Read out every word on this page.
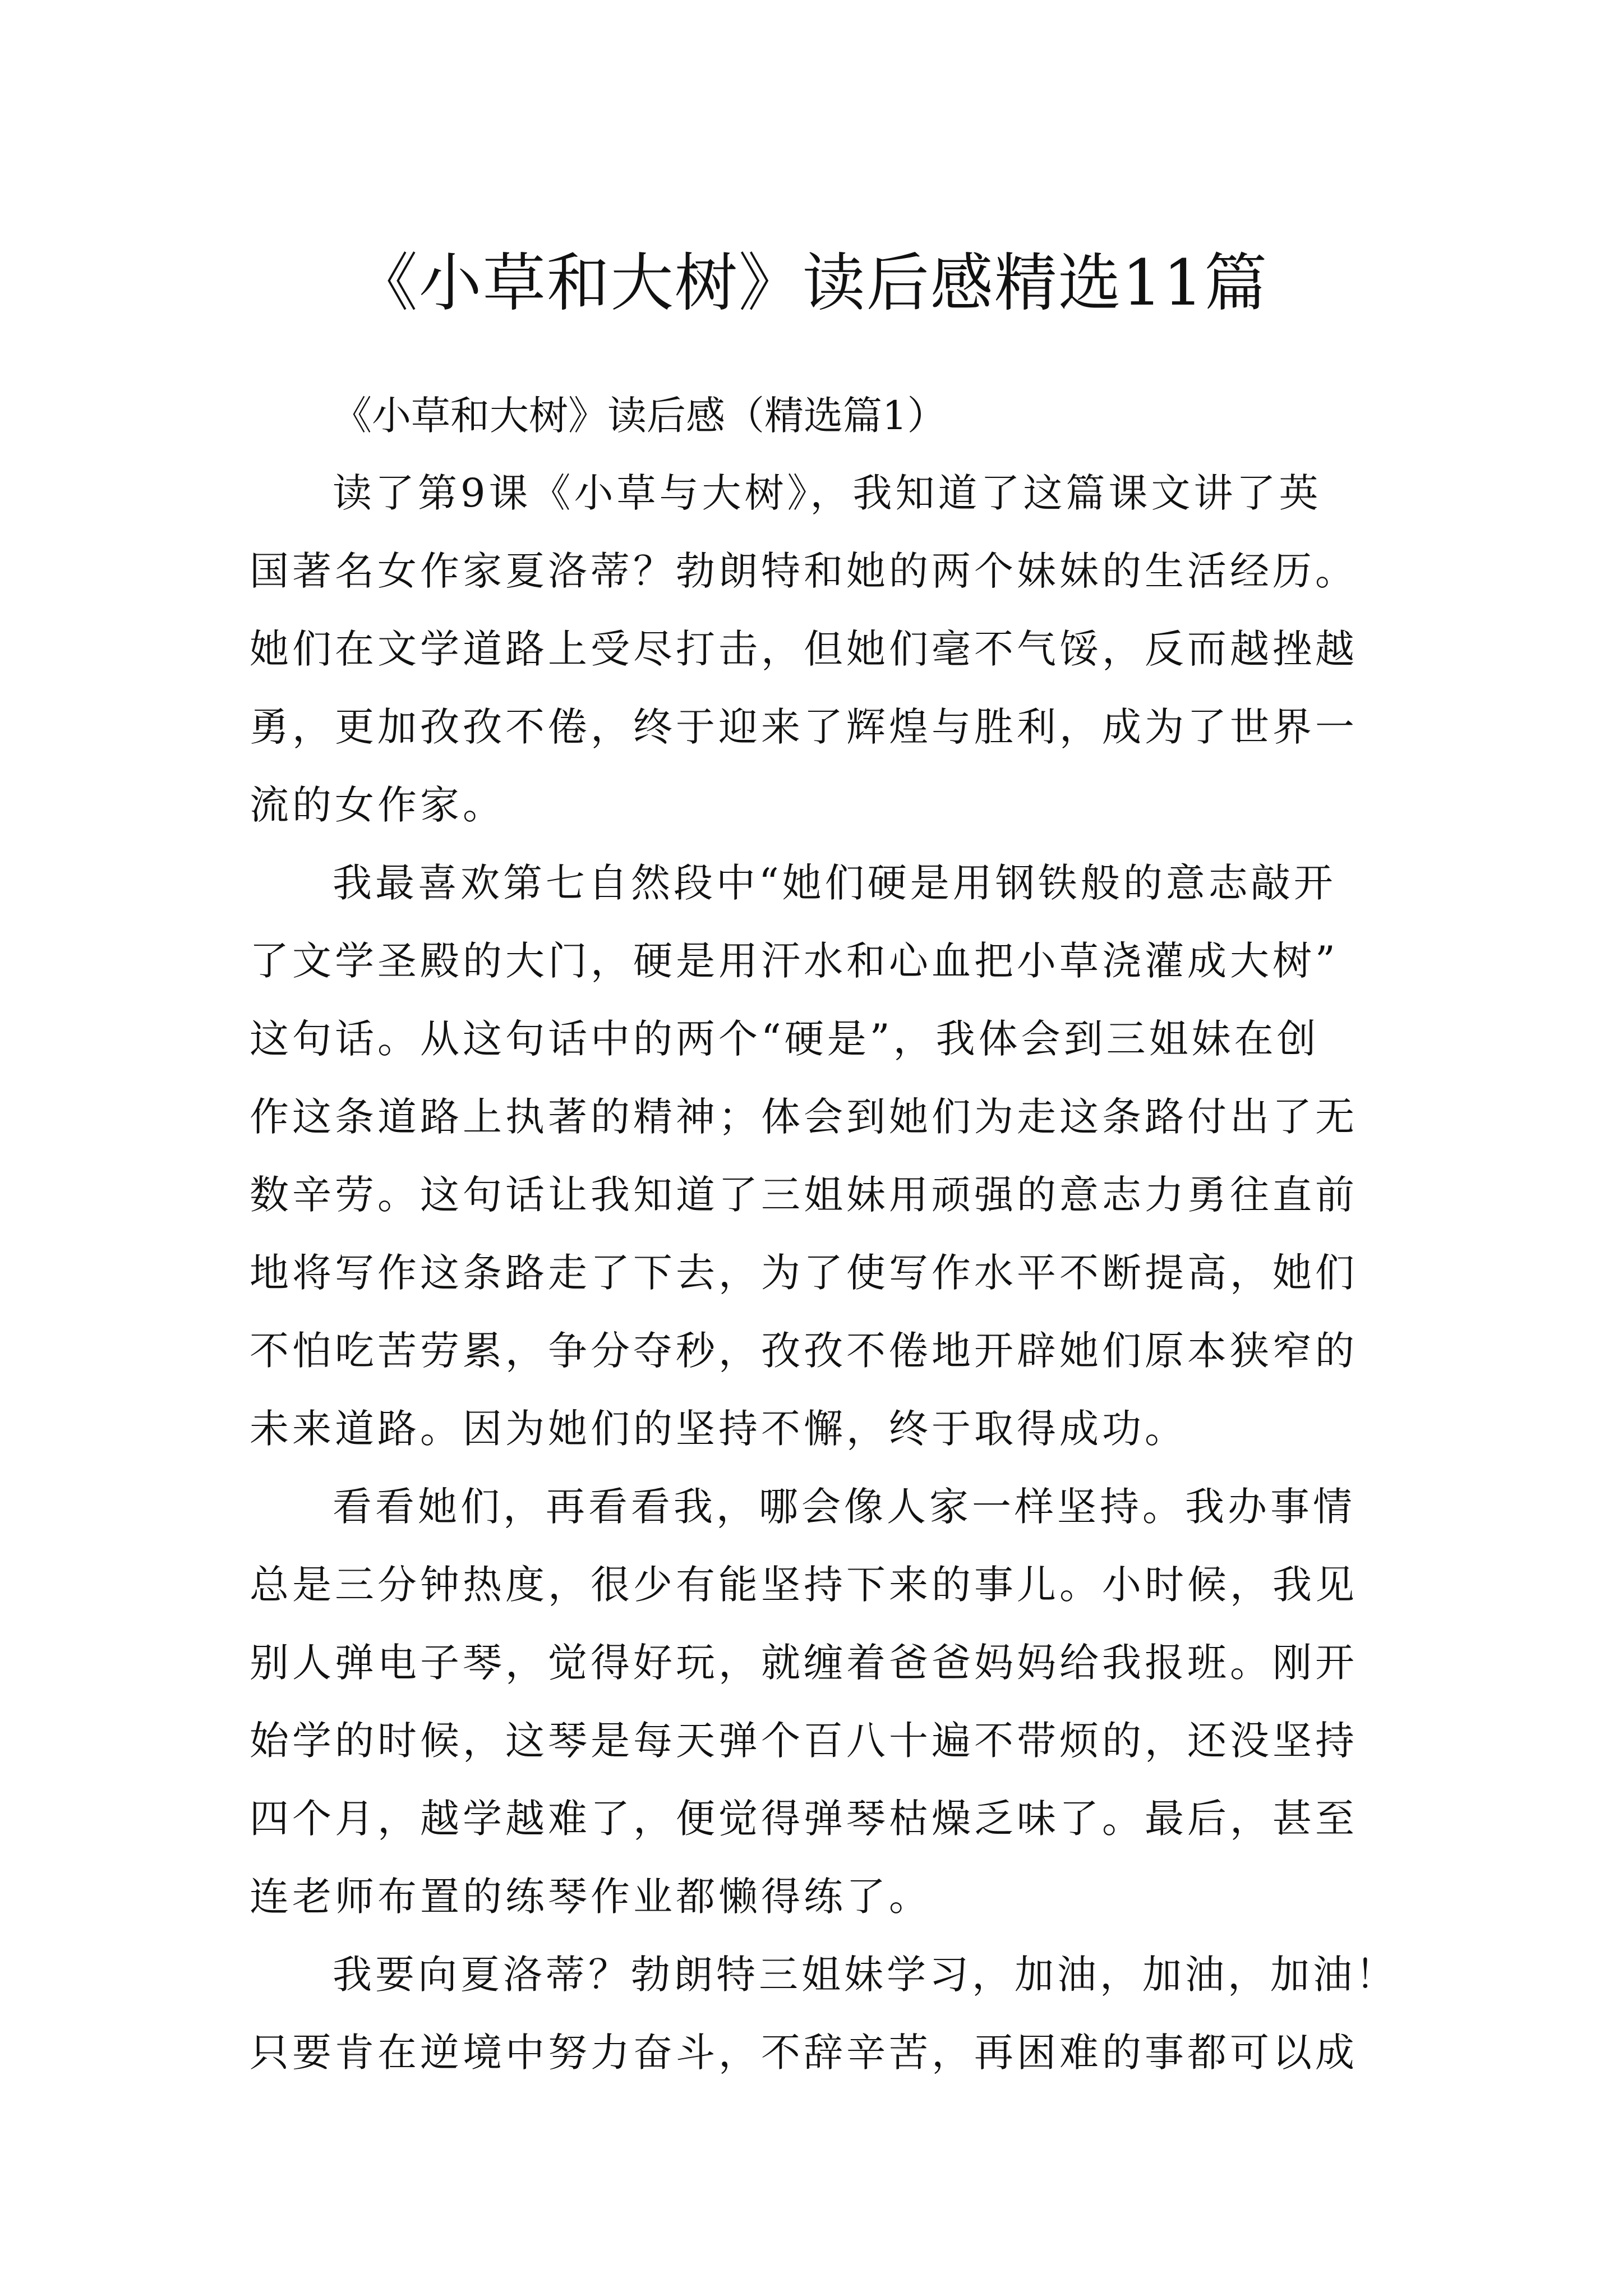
《小草和大树》读后感精选11篇

《小草和大树》读后感（精选篇1）

读了第9课《小草与大树》，我知道了这篇课文讲了英
国著名女作家夏洛蒂？勃朗特和她的两个妹妹的生活经历。
她们在文学道路上受尽打击，但她们毫不气馁，反而越挫越
勇，更加孜孜不倦，终于迎来了辉煌与胜利，成为了世界一
流的女作家。
我最喜欢第七自然段中“她们硬是用钢铁般的意志敲开
了文学圣殿的大门，硬是用汗水和心血把小草浇灌成大树”
这句话。从这句话中的两个“硬是”，我体会到三姐妹在创
作这条道路上执著的精神；体会到她们为走这条路付出了无
数辛劳。这句话让我知道了三姐妹用顽强的意志力勇往直前
地将写作这条路走了下去，为了使写作水平不断提高，她们
不怕吃苦劳累，争分夺秒，孜孜不倦地开辟她们原本狭窄的
未来道路。因为她们的坚持不懈，终于取得成功。
看看她们，再看看我，哪会像人家一样坚持。我办事情
总是三分钟热度，很少有能坚持下来的事儿。小时候，我见
别人弹电子琴，觉得好玩，就缠着爸爸妈妈给我报班。刚开
始学的时候，这琴是每天弹个百八十遍不带烦的，还没坚持
四个月，越学越难了，便觉得弹琴枯燥乏味了。最后，甚至
连老师布置的练琴作业都懒得练了。
我要向夏洛蒂？勃朗特三姐妹学习，加油，加油，加油！
只要肯在逆境中努力奋斗，不辞辛苦，再困难的事都可以成
